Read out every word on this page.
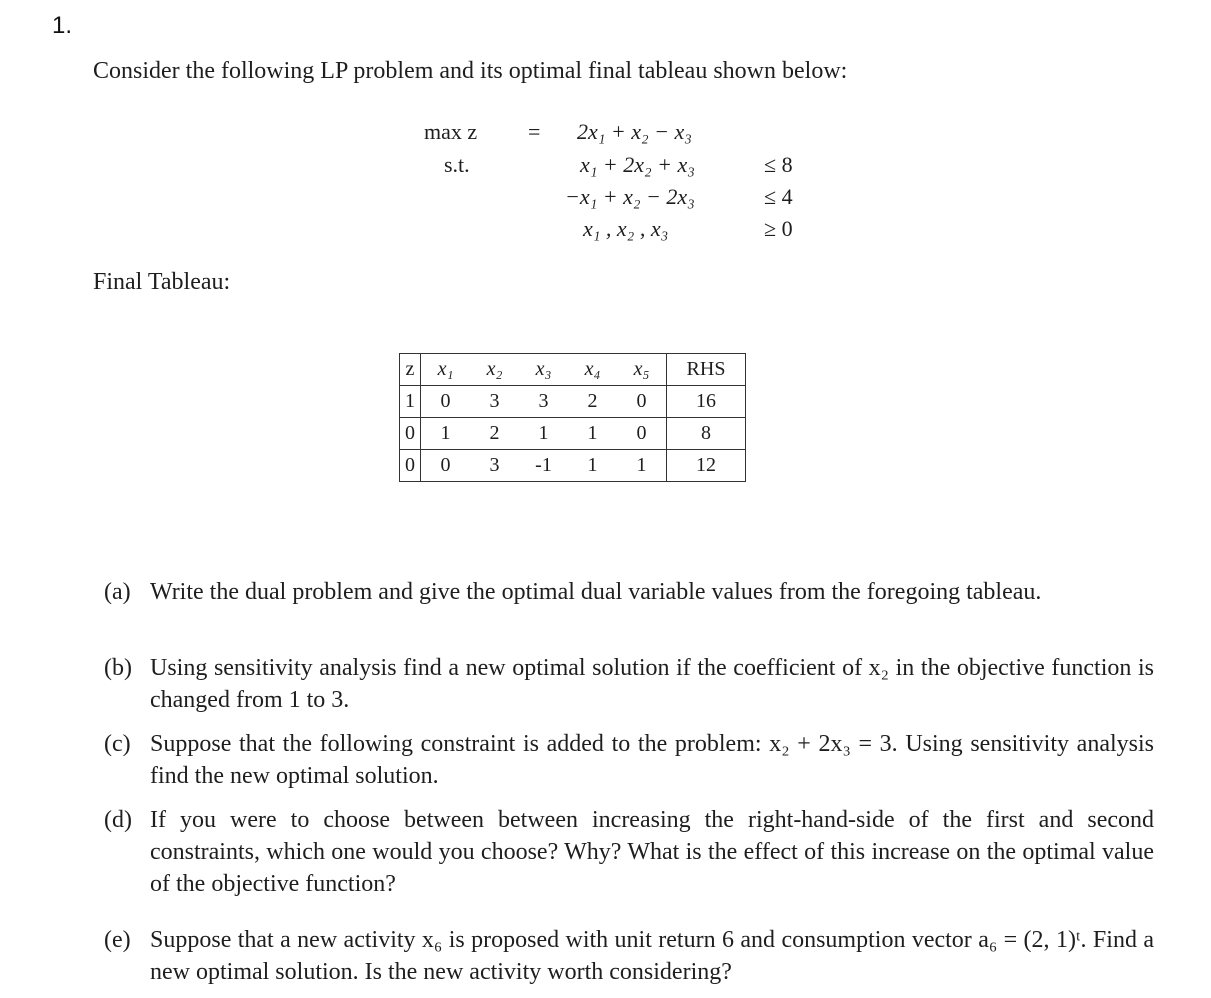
1.
Consider the following LP problem and its optimal final tableau shown below:
max z = 2x₁ + x₂ − x₃
s.t.	x₁ + 2x₂ + x₃	≤ 8
−x₁ + x₂ − 2x₃	≤ 4
x₁ , x₂ , x₃	≥ 0
Final Tableau:
z	x₁	x₂	x₃	x₄	x₅	RHS
1	0	3	3	2	0	16
0	1	2	1	1	0	8
0	0	3	-1	1	1	12
(a) Write the dual problem and give the optimal dual variable values from the foregoing tableau.
(b) Using sensitivity analysis find a new optimal solution if the coefficient of x₂ in the objective function is changed from 1 to 3.
(c) Suppose that the following constraint is added to the problem: x₂ + 2x₃ = 3. Using sensitivity analysis find the new optimal solution.
(d) If you were to choose between between increasing the right-hand-side of the first and second constraints, which one would you choose? Why? What is the effect of this increase on the optimal value of the objective function?
(e) Suppose that a new activity x₆ is proposed with unit return 6 and consumption vector a₆ = (2, 1)ᵗ. Find a new optimal solution. Is the new activity worth considering?
